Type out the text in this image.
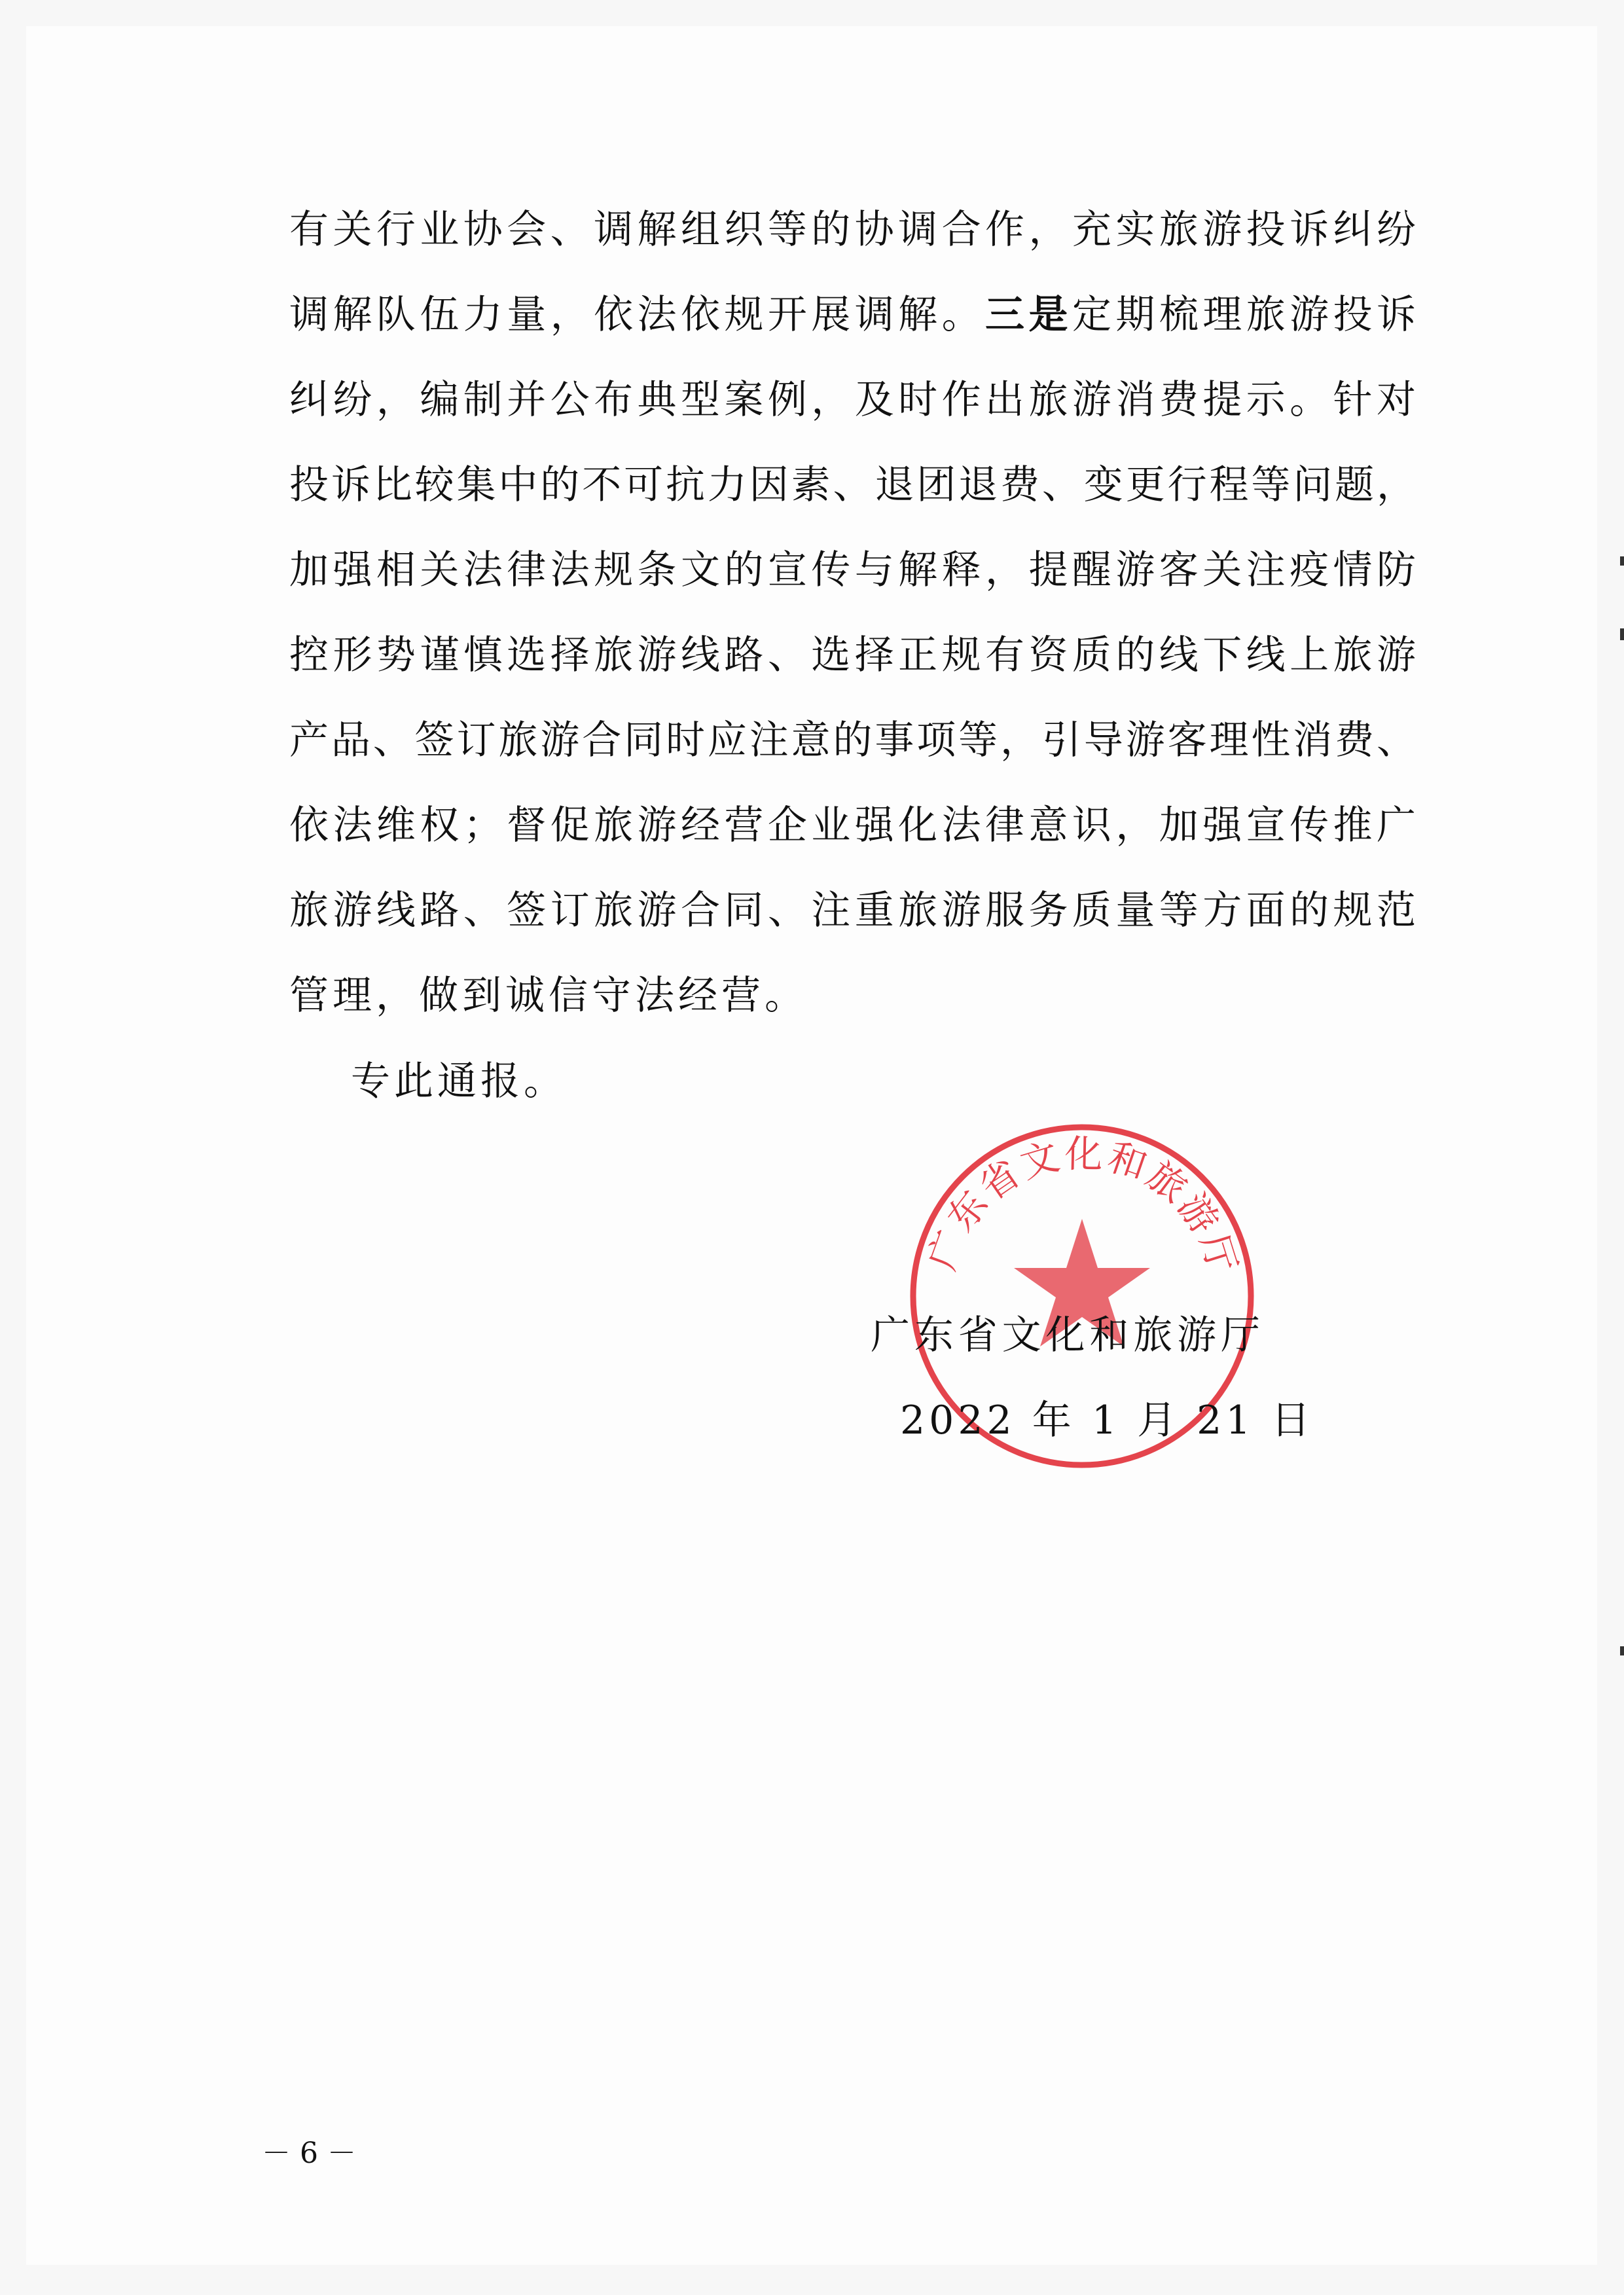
有关行业协会、调解组织等的协调合作，充实旅游投诉纠纷
调解队伍力量，依法依规开展调解。三是定期梳理旅游投诉
纠纷，编制并公布典型案例，及时作出旅游消费提示。针对
投诉比较集中的不可抗力因素、退团退费、变更行程等问题，
加强相关法律法规条文的宣传与解释，提醒游客关注疫情防
控形势谨慎选择旅游线路、选择正规有资质的线下线上旅游
产品、签订旅游合同时应注意的事项等，引导游客理性消费、
依法维权；督促旅游经营企业强化法律意识，加强宣传推广
旅游线路、签订旅游合同、注重旅游服务质量等方面的规范
管理，做到诚信守法经营。
专此通报。
广东省文化和旅游厅
广东省文化和旅游厅
2022 年 1 月 21 日
－ 6 －
